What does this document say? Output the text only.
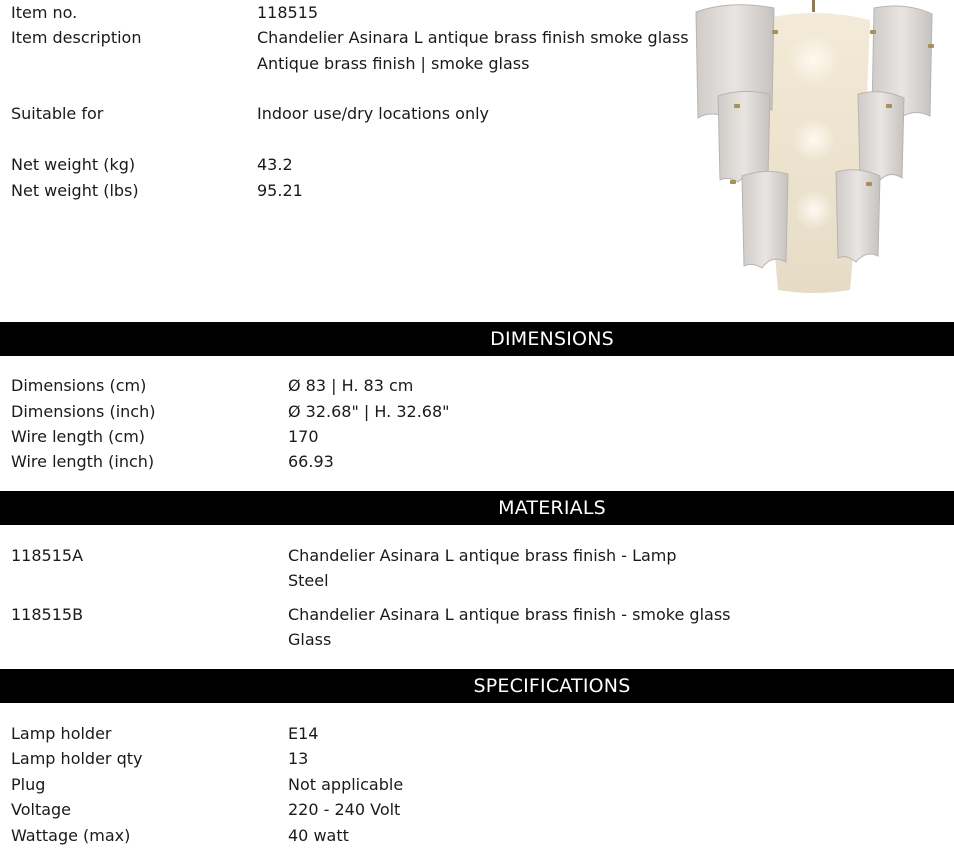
Item no.	118515
Item description	Chandelier Asinara L antique brass finish smoke glass
Antique brass finish | smoke glass
Suitable for	Indoor use/dry locations only
Net weight (kg)	43.2
Net weight (lbs)	95.21
DIMENSIONS
Dimensions (cm)	Ø 83 | H. 83 cm
Dimensions (inch)	Ø 32.68" | H. 32.68"
Wire length (cm)	170
Wire length (inch)	66.93
MATERIALS
118515A	Chandelier Asinara L antique brass finish - Lamp
Steel
118515B	Chandelier Asinara L antique brass finish - smoke glass
Glass
SPECIFICATIONS
Lamp holder	E14
Lamp holder qty	13
Plug	Not applicable
Voltage	220 - 240 Volt
Wattage (max)	40 watt
